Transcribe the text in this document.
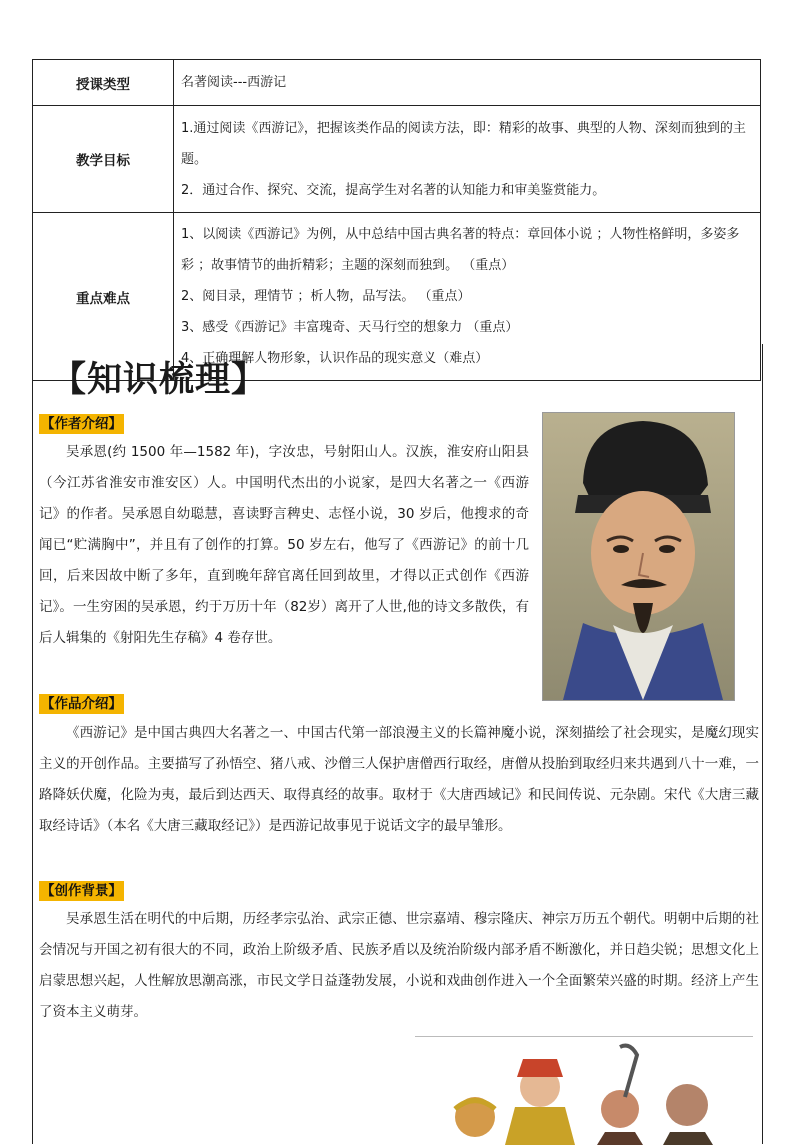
授课类型	名著阅读---西游记
教学目标	1.通过阅读《西游记》，把握该类作品的阅读方法，即：精彩的故事、典型的人物、深刻而独到的主题。

2．通过合作、探究、交流，提高学生对名著的认知能力和审美鉴赏能力。

重点难点	1、以阅读《西游记》为例，从中总结中国古典名著的特点：章回体小说 ；人物性格鲜明，多姿多彩 ；故事情节的曲折精彩；主题的深刻而独到。 （重点）

2、阅目录，理情节 ；析人物，品写法。 （重点）

3、感受《西游记》丰富瑰奇、天马行空的想象力 （重点）

4、正确理解人物形象，认识作品的现实意义（难点）

【知识梳理】
【作者介绍】

吴承恩(约 1500 年—1582 年)，字汝忠，号射阳山人。汉族，淮安府山阳县（今江苏省淮安市淮安区）人。中国明代杰出的小说家，是四大名著之一《西游记》的作者。吴承恩自幼聪慧，喜读野言稗史、志怪小说，30 岁后，他搜求的奇闻已“贮满胸中”，并且有了创作的打算。50 岁左右，他写了《西游记》的前十几回，后来因故中断了多年，直到晚年辞官离任回到故里，才得以正式创作《西游记》。一生穷困的吴承恩，约于万历十年（82岁）离开了人世,他的诗文多散佚，有后人辑集的《射阳先生存稿》4 卷存世。

【作品介绍】

《西游记》是中国古典四大名著之一、中国古代第一部浪漫主义的长篇神魔小说，深刻描绘了社会现实，是魔幻现实主义的开创作品。主要描写了孙悟空、猪八戒、沙僧三人保护唐僧西行取经，唐僧从投胎到取经归来共遇到八十一难，一路降妖伏魔，化险为夷，最后到达西天、取得真经的故事。取材于《大唐西域记》和民间传说、元杂剧。宋代《大唐三藏取经诗话》（本名《大唐三藏取经记》）是西游记故事见于说话文字的最早雏形。

【创作背景】

吴承恩生活在明代的中后期，历经孝宗弘治、武宗正德、世宗嘉靖、穆宗隆庆、神宗万历五个朝代。明朝中后期的社会情况与开国之初有很大的不同，政治上阶级矛盾、民族矛盾以及统治阶级内部矛盾不断激化，并日趋尖锐；思想文化上启蒙思想兴起，人性解放思潮高涨，市民文学日益蓬勃发展，小说和戏曲创作进入一个全面繁荣兴盛的时期。经济上产生了资本主义萌芽。
